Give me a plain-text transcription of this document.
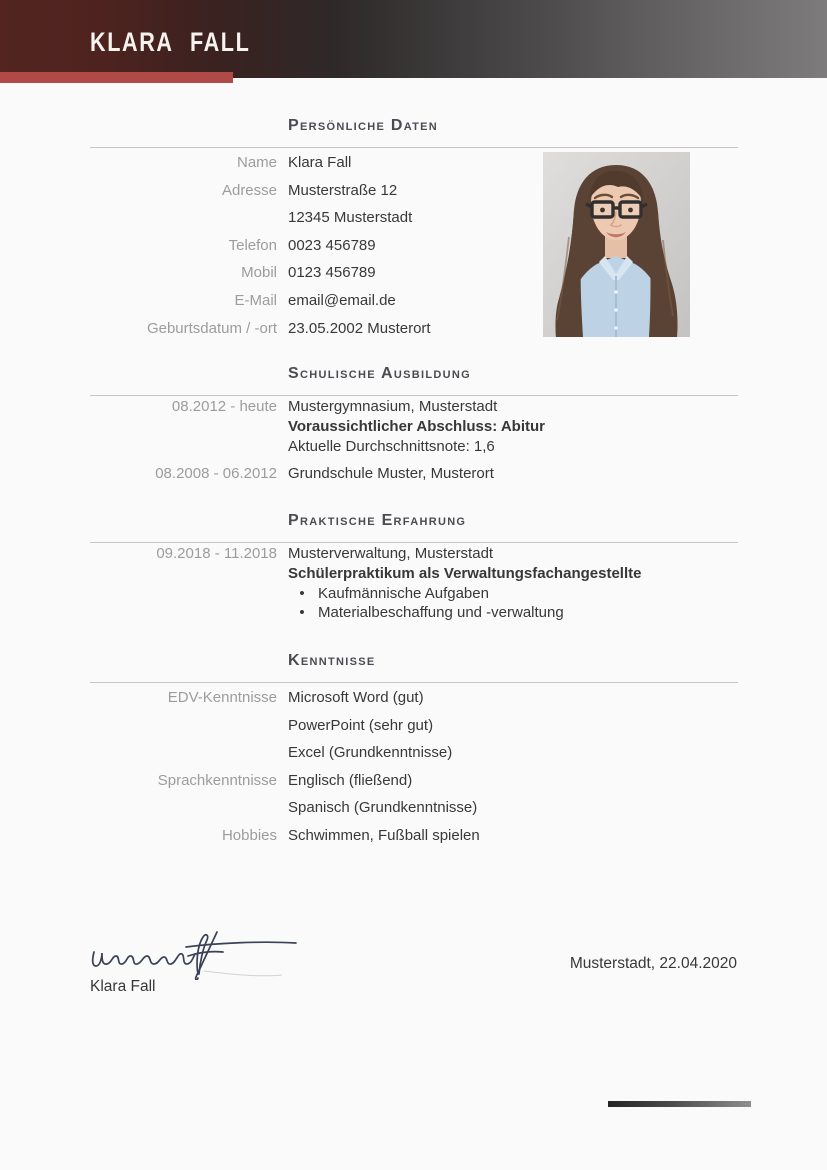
KLARA FALL
Persönliche Daten
Name Klara Fall
Adresse Musterstraße 12
12345 Musterstadt
Telefon 0023 456789
Mobil 0123 456789
E-Mail email@email.de
Geburtsdatum / -ort 23.05.2002 Musterort
Schulische Ausbildung
08.2012 - heute Mustergymnasium, Musterstadt
Voraussichtlicher Abschluss: Abitur
Aktuelle Durchschnittsnote: 1,6
08.2008 - 06.2012 Grundschule Muster, Musterort
Praktische Erfahrung
09.2018 - 11.2018 Musterverwaltung, Musterstadt
Schülerpraktikum als Verwaltungsfachangestellte
• Kaufmännische Aufgaben
• Materialbeschaffung und -verwaltung
Kenntnisse
EDV-Kenntnisse Microsoft Word (gut)
PowerPoint (sehr gut)
Excel (Grundkenntnisse)
Sprachkenntnisse Englisch (fließend)
Spanisch (Grundkenntnisse)
Hobbies Schwimmen, Fußball spielen
Klara Fall
Musterstadt, 22.04.2020
